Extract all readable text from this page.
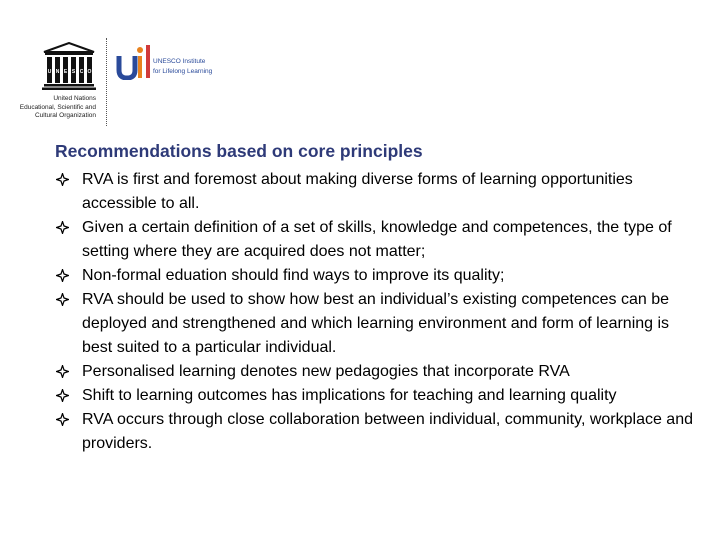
U N E S C O
United Nations
Educational, Scientific and
Cultural Organization
UNESCO Institute
for Lifelong Learning
Recommendations based on core principles
RVA is first and foremost about making diverse forms of learning opportunities accessible to all.
Given a certain definition of a set of skills, knowledge and competences, the type of setting where they are acquired does not matter;
Non-formal eduation should find ways to improve its quality;
RVA should be used to show how best an individual’s existing competences can be deployed and strengthened and which learning environment and form of learning is best suited to a particular individual.
Personalised learning denotes new pedagogies that incorporate RVA
Shift to learning outcomes has implications for teaching and learning quality
RVA occurs through close collaboration between individual, community, workplace and providers.
